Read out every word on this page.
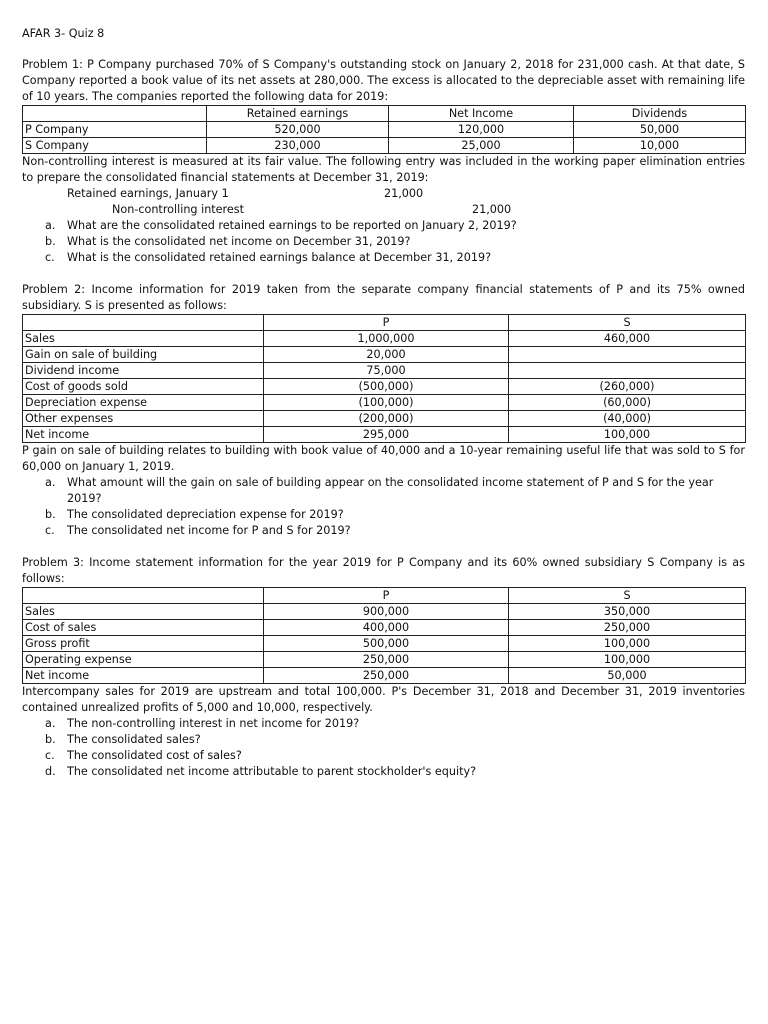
AFAR 3- Quiz 8

Problem 1: P Company purchased 70% of S Company's outstanding stock on January 2, 2018 for 231,000 cash. At that date, S Company reported a book value of its net assets at 280,000. The excess is allocated to the depreciable asset with remaining life of 10 years. The companies reported the following data for 2019:

	Retained earnings	Net Income	Dividends
P Company	520,000	120,000	50,000
S Company	230,000	25,000	10,000

Non-controlling interest is measured at its fair value. The following entry was included in the working paper elimination entries to prepare the consolidated financial statements at December 31, 2019:

Retained earnings, January 1	21,000
Non-controlling interest	21,000
a. What are the consolidated retained earnings to be reported on January 2, 2019?
b. What is the consolidated net income on December 31, 2019?
c. What is the consolidated retained earnings balance at December 31, 2019?

Problem 2: Income information for 2019 taken from the separate company financial statements of P and its 75% owned subsidiary. S is presented as follows:

	P	S
Sales	1,000,000	460,000
Gain on sale of building	20,000	
Dividend income	75,000	
Cost of goods sold	(500,000)	(260,000)
Depreciation expense	(100,000)	(60,000)
Other expenses	(200,000)	(40,000)
Net income	295,000	100,000

P gain on sale of building relates to building with book value of 40,000 and a 10-year remaining useful life that was sold to S for 60,000 on January 1, 2019.

a. What amount will the gain on sale of building appear on the consolidated income statement of P and S for the year 2019?
b. The consolidated depreciation expense for 2019?
c. The consolidated net income for P and S for 2019?

Problem 3: Income statement information for the year 2019 for P Company and its 60% owned subsidiary S Company is as follows:

	P	S
Sales	900,000	350,000
Cost of sales	400,000	250,000
Gross profit	500,000	100,000
Operating expense	250,000	100,000
Net income	250,000	50,000

Intercompany sales for 2019 are upstream and total 100,000. P's December 31, 2018 and December 31, 2019 inventories contained unrealized profits of 5,000 and 10,000, respectively.

a. The non-controlling interest in net income for 2019?
b. The consolidated sales?
c. The consolidated cost of sales?
d. The consolidated net income attributable to parent stockholder's equity?
